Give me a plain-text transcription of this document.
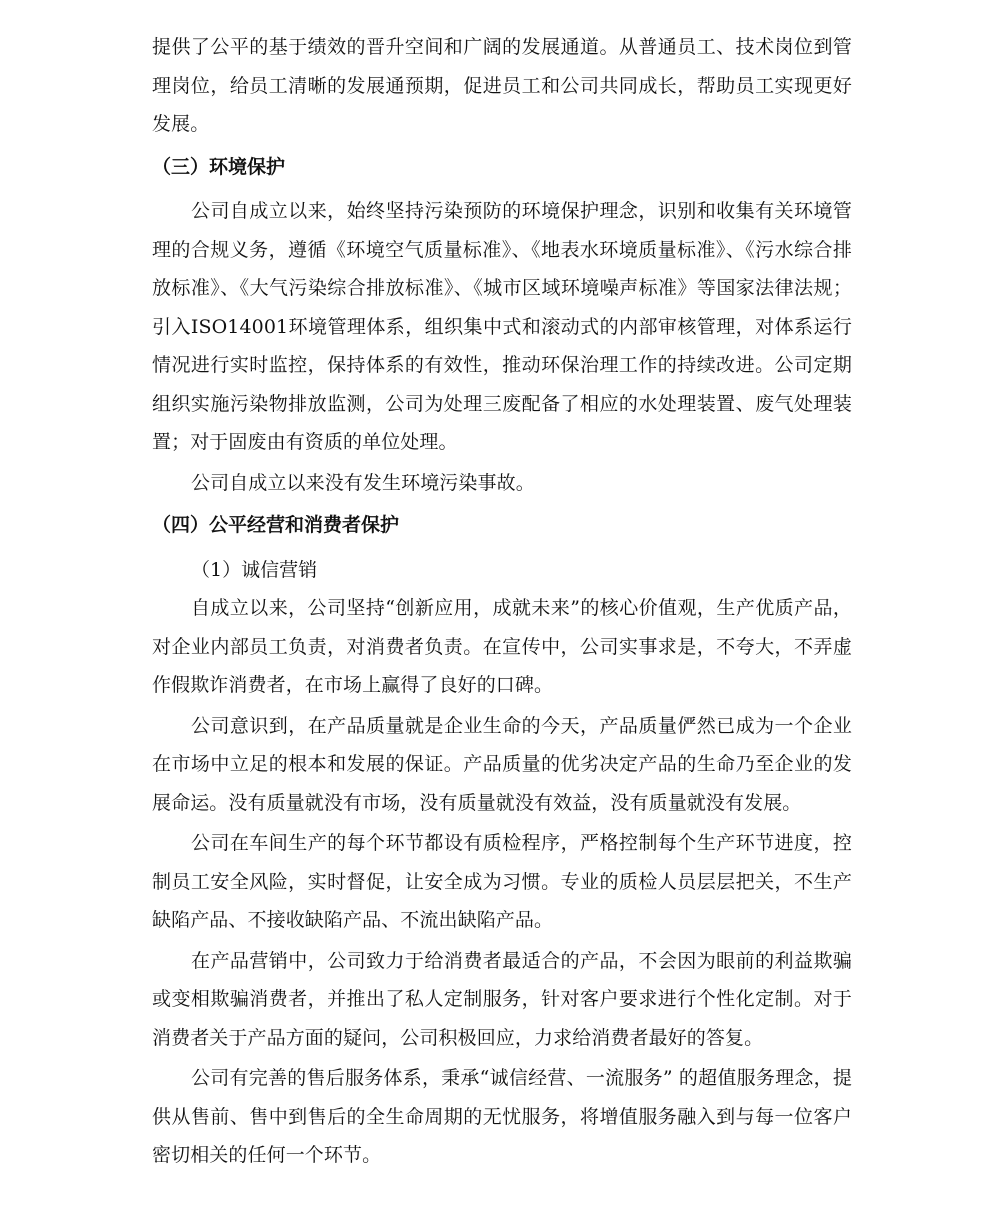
提供了公平的基于绩效的晋升空间和广阔的发展通道。从普通员工、技术岗位到管理岗位，给员工清晰的发展通预期，促进员工和公司共同成长，帮助员工实现更好发展。

（三）环境保护

公司自成立以来，始终坚持污染预防的环境保护理念，识别和收集有关环境管理的合规义务，遵循《环境空气质量标准》、《地表水环境质量标准》、《污水综合排放标准》、《大气污染综合排放标准》、《城市区域环境噪声标准》等国家法律法规；引入ISO14001环境管理体系，组织集中式和滚动式的内部审核管理，对体系运行情况进行实时监控，保持体系的有效性，推动环保治理工作的持续改进。公司定期组织实施污染物排放监测，公司为处理三废配备了相应的水处理装置、废气处理装置；对于固废由有资质的单位处理。

公司自成立以来没有发生环境污染事故。

（四）公平经营和消费者保护
（1）诚信营销

自成立以来，公司坚持“创新应用，成就未来”的核心价值观，生产优质产品，对企业内部员工负责，对消费者负责。在宣传中，公司实事求是，不夸大，不弄虚作假欺诈消费者，在市场上赢得了良好的口碑。

公司意识到，在产品质量就是企业生命的今天，产品质量俨然已成为一个企业在市场中立足的根本和发展的保证。产品质量的优劣决定产品的生命乃至企业的发展命运。没有质量就没有市场，没有质量就没有效益，没有质量就没有发展。

公司在车间生产的每个环节都设有质检程序，严格控制每个生产环节进度，控制员工安全风险，实时督促，让安全成为习惯。专业的质检人员层层把关，不生产缺陷产品、不接收缺陷产品、不流出缺陷产品。

在产品营销中，公司致力于给消费者最适合的产品，不会因为眼前的利益欺骗或变相欺骗消费者，并推出了私人定制服务，针对客户要求进行个性化定制。对于消费者关于产品方面的疑问，公司积极回应，力求给消费者最好的答复。

公司有完善的售后服务体系，秉承“诚信经营、一流服务” 的超值服务理念，提供从售前、售中到售后的全生命周期的无忧服务，将增值服务融入到与每一位客户密切相关的任何一个环节。
